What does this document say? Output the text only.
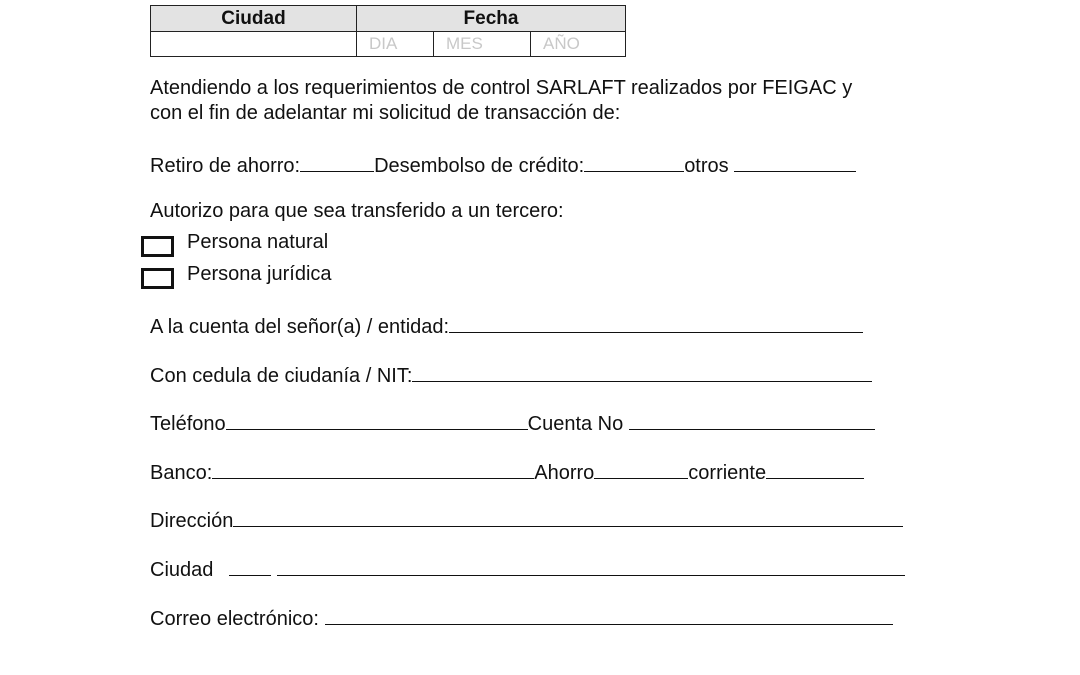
Ciudad	Fecha		
	DIA	MES	AÑO
Atendiendo a los requerimientos de control SARLAFT realizados por FEIGAC y
con el fin de adelantar mi solicitud de transacción de:
Retiro de ahorro:	Desembolso de crédito:	otros
Autorizo para que sea transferido a un tercero:
Persona natural
Persona jurídica
A la cuenta del señor(a) / entidad:
Con cedula de ciudanía / NIT:
Teléfono	Cuenta No
Banco:	Ahorro	corriente
Dirección
Ciudad
Correo electrónico:
